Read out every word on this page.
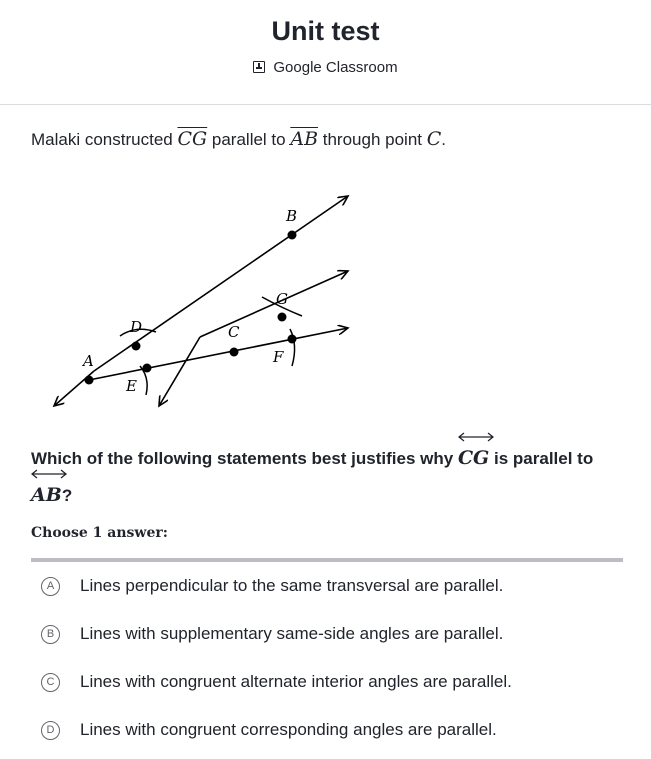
Unit test
Google Classroom
Malaki constructed $\overline{CG}$ parallel to $\overline{AB}$ through point C.
A
B
C
D
E
F
G
Which of the following statements best justifies why
CG is parallel to

AB?
Choose 1 answer:
A	Lines perpendicular to the same transversal are parallel.
B	Lines with supplementary same-side angles are parallel.
C	Lines with congruent alternate interior angles are parallel.
D	Lines with congruent corresponding angles are parallel.
